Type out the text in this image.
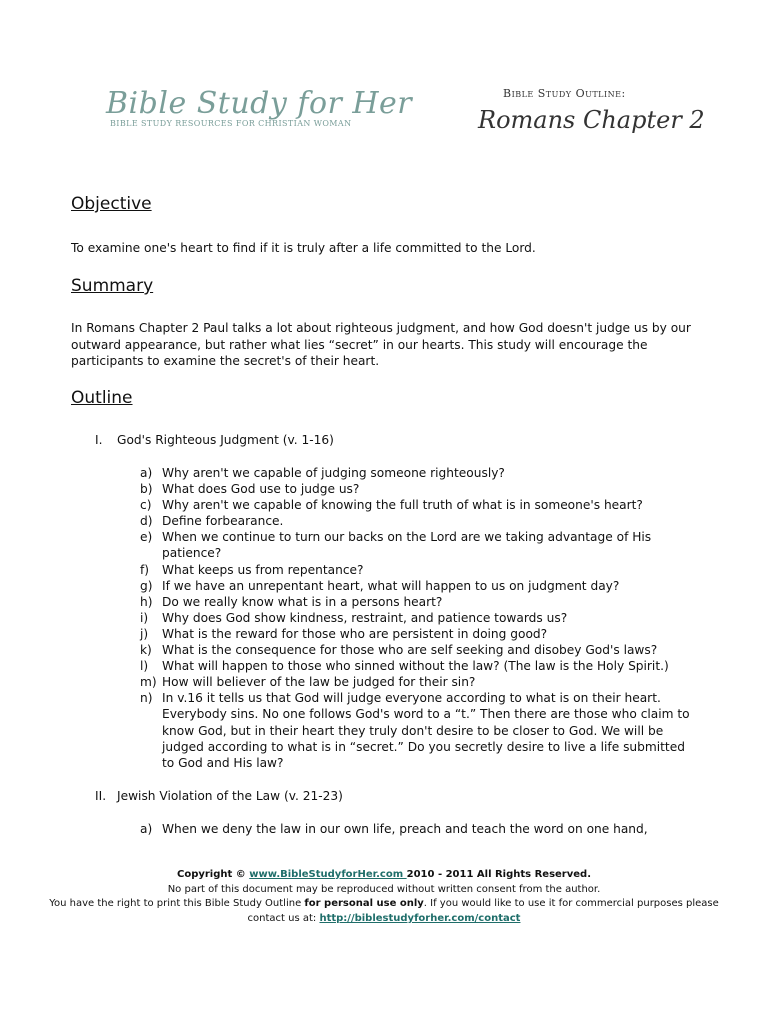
Bible Study for Her
BIBLE STUDY RESOURCES FOR CHRISTIAN WOMAN
Bible Study Outline:
Romans Chapter 2
Objective

To examine one's heart to find if it is truly after a life committed to the Lord.

Summary

In Romans Chapter 2 Paul talks a lot about righteous judgment, and how God doesn't judge us by our outward appearance, but rather what lies “secret” in our hearts. This study will encourage the participants to examine the secret's of their heart.

Outline
I. God's Righteous Judgment (v. 1-16)
a) Why aren't we capable of judging someone righteously?
b) What does God use to judge us?
c) Why aren't we capable of knowing the full truth of what is in someone's heart?
d) Define forbearance.
e) When we continue to turn our backs on the Lord are we taking advantage of His patience?
f) What keeps us from repentance?
g) If we have an unrepentant heart, what will happen to us on judgment day?
h) Do we really know what is in a persons heart?
i) Why does God show kindness, restraint, and patience towards us?
j) What is the reward for those who are persistent in doing good?
k) What is the consequence for those who are self seeking and disobey God's laws?
l) What will happen to those who sinned without the law? (The law is the Holy Spirit.)
m) How will believer of the law be judged for their sin?
n) In v.16 it tells us that God will judge everyone according to what is on their heart. Everybody sins. No one follows God's word to a “t.” Then there are those who claim to know God, but in their heart they truly don't desire to be closer to God. We will be judged according to what is in “secret.” Do you secretly desire to live a life submitted to God and His law?
II. Jewish Violation of the Law (v. 21-23)
a) When we deny the law in our own life, preach and teach the word on one hand,
Copyright © www.BibleStudyforHer.com 2010 - 2011 All Rights Reserved.
No part of this document may be reproduced without written consent from the author.
You have the right to print this Bible Study Outline for personal use only. If you would like to use it for commercial purposes please contact us at: http://biblestudyforher.com/contact
